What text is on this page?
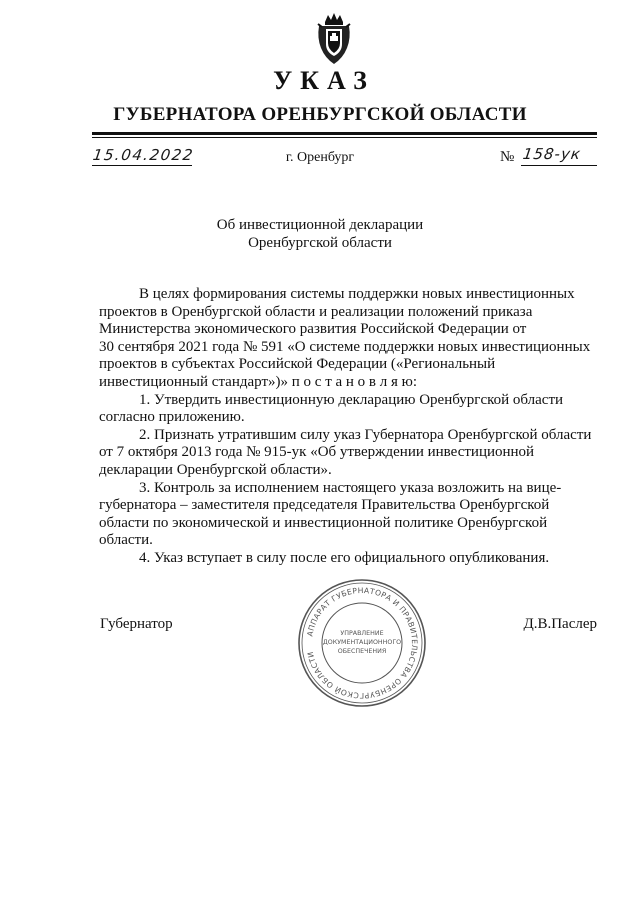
УКАЗ
ГУБЕРНАТОРА ОРЕНБУРГСКОЙ ОБЛАСТИ
15.04.2022	г. Оренбург	№ 158-ук
Об инвестиционной декларации
Оренбургской области

В целях формирования системы поддержки новых инвестиционных

проектов в Оренбургской области и реализации положений приказа

Министерства экономического развития Российской Федерации от

30 сентября 2021 года № 591 «О системе поддержки новых инвестиционных

проектов в субъектах Российской Федерации («Региональный

инвестиционный стандарт»)» п о с т а н о в л я ю:

1. Утвердить инвестиционную декларацию Оренбургской области

согласно приложению.

2. Признать утратившим силу указ Губернатора Оренбургской области

от 7 октября 2013 года № 915-ук «Об утверждении инвестиционной

декларации Оренбургской области».

3. Контроль за исполнением настоящего указа возложить на вице-

губернатора – заместителя председателя Правительства Оренбургской

области по экономической и инвестиционной политике Оренбургской

области.

4. Указ вступает в силу после его официального опубликования.

Губернатор	Д.В.Паслер
АППАРАТ ГУБЕРНАТОРА И ПРАВИТЕЛЬСТВА ОРЕНБУРГСКОЙ ОБЛАСТИ
УПРАВЛЕНИЕ
ДОКУМЕНТАЦИОННОГО
ОБЕСПЕЧЕНИЯ
